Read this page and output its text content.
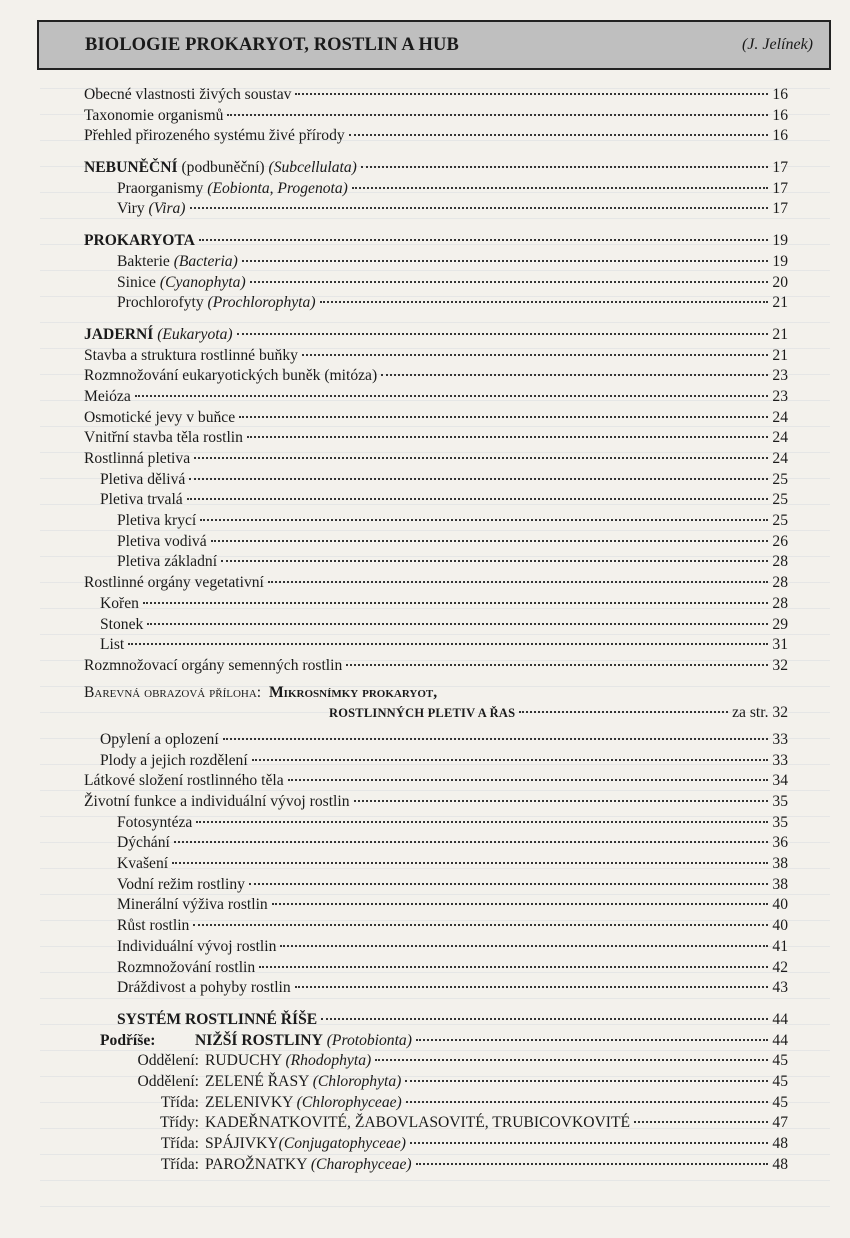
BIOLOGIE PROKARYOT, ROSTLIN A HUB	(J. Jelínek)
Obecné vlastnosti živých soustav	16
Taxonomie organismů	16
Přehled přirozeného systému živé přírody	16
NEBUNĚČNÍ (podbuněční) (Subcellulata)	17
Praorganismy (Eobionta, Progenota)	17
Viry (Vira)	17
PROKARYOTA	19
Bakterie (Bacteria)	19
Sinice (Cyanophyta)	20
Prochlorofyty (Prochlorophyta)	21
JADERNÍ (Eukaryota)	21
Stavba a struktura rostlinné buňky	21
Rozmnožování eukaryotických buněk (mitóza)	23
Meióza	23
Osmotické jevy v buňce	24
Vnitřní stavba těla rostlin	24
Rostlinná pletiva	24
Pletiva dělivá	25
Pletiva trvalá	25
Pletiva krycí	25
Pletiva vodivá	26
Pletiva základní	28
Rostlinné orgány vegetativní	28
Kořen	28
Stonek	29
List	31
Rozmnožovací orgány semenných rostlin	32
Barevná obrazová příloha: Mikrosnímky prokaryot,
ROSTLINNÝCH PLETIV A ŘAS	za str. 32
Opylení a oplození	33
Plody a jejich rozdělení	33
Látkové složení rostlinného těla	34
Životní funkce a individuální vývoj rostlin	35
Fotosyntéza	35
Dýchání	36
Kvašení	38
Vodní režim rostliny	38
Minerální výživa rostlin	40
Růst rostlin	40
Individuální vývoj rostlin	41
Rozmnožování rostlin	42
Dráždivost a pohyby rostlin	43
SYSTÉM ROSTLINNÉ ŘÍŠE	44
Podříše:	NIŽŠÍ ROSTLINY (Protobionta)	44
Oddělení: RUDUCHY (Rhodophyta)	45
Oddělení: ZELENÉ ŘASY (Chlorophyta)	45
Třída: ZELENIVKY (Chlorophyceae)	45
Třídy: KADEŘNATKOVITÉ, ŽABOVLASOVITÉ, TRUBICOVKOVITÉ	47
Třída: SPÁJIVKY(Conjugatophyceae)	48
Třída: PAROŽNATKY (Charophyceae)	48
